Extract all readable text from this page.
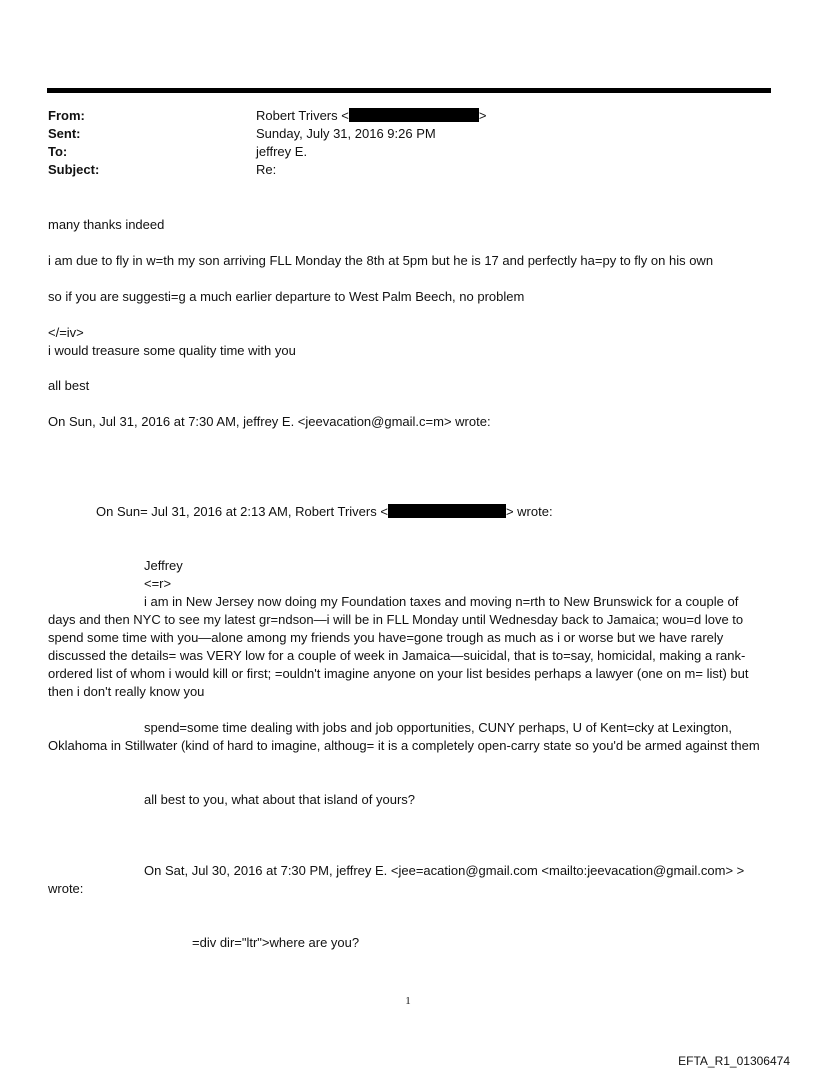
From:	Robert Trivers <	>
Sent:	Sunday, July 31, 2016 9:26 PM
To:	jeffrey E.
Subject:	Re:
many thanks indeed
i am due to fly in w=th my son arriving FLL Monday the 8th at 5pm but he is 17 and perfectly ha=py to fly on his own
so if you are suggesti=g a much earlier departure to West Palm Beech, no problem
</=iv>
i would treasure some quality time with you
all best
On Sun, Jul 31, 2016 at 7:30 AM, jeffrey E. <jeevacation@gmail.c=m> wrote:
On Sun= Jul 31, 2016 at 2:13 AM, Robert Trivers <	> wrote:
Jeffrey
<=r>
i am in New Jersey now doing my Foundation taxes and moving n=rth to New Brunswick for a couple of
days and then NYC to see my latest gr=ndson—i will be in FLL Monday until Wednesday back to Jamaica; wou=d love to spend some time with you—alone among my friends you have=gone trough as much as i or worse but we have rarely discussed the details= was VERY low for a couple of week in Jamaica—suicidal, that is to=say, homicidal, making a rank-ordered list of whom i would kill or first; =ouldn't imagine anyone on your list besides perhaps a lawyer (one on m= list) but then i don't really know you
spend=some time dealing with jobs and job opportunities, CUNY perhaps, U of Kent=cky at Lexington,
Oklahoma in Stillwater (kind of hard to imagine, althoug= it is a completely open-carry state so you'd be armed against them
all best to you, what about that island of yours?
On Sat, Jul 30, 2016 at 7:30 PM, jeffrey E. <jee=acation@gmail.com <mailto:jeevacation@gmail.com> >
wrote:
=div dir="ltr">where are you?
1
EFTA_R1_01306474
